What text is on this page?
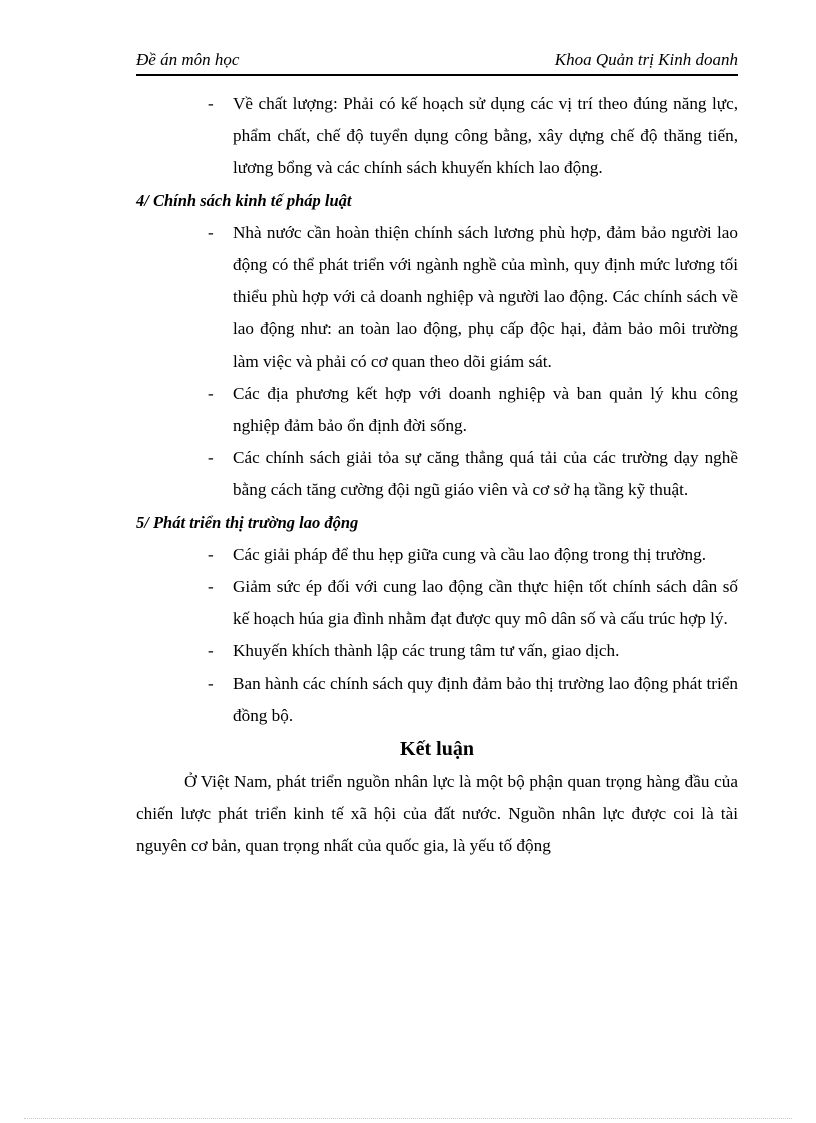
Đề án môn học	Khoa Quản trị Kinh doanh
- Về chất lượng: Phải có kế hoạch sử dụng các vị trí theo đúng năng lực, phẩm chất, chế độ tuyển dụng công bằng, xây dựng chế độ thăng tiến, lương bổng và các chính sách khuyến khích lao động.
4/ Chính sách kinh tế pháp luật
- Nhà nước cần hoàn thiện chính sách lương phù hợp, đảm bảo người lao động có thể phát triển với ngành nghề của mình, quy định mức lương tối thiểu phù hợp với cả doanh nghiệp và người lao động. Các chính sách về lao động như: an toàn lao động, phụ cấp độc hại, đảm bảo môi trường làm việc và phải có cơ quan theo dõi giám sát.
- Các địa phương kết hợp với doanh nghiệp và ban quản lý khu công nghiệp đảm bảo ổn định đời sống.
- Các chính sách giải tỏa sự căng thẳng quá tải của các trường dạy nghề bằng cách tăng cường đội ngũ giáo viên và cơ sở hạ tầng kỹ thuật.
5/ Phát triển thị trường lao động
- Các giải pháp để thu hẹp giữa cung và cầu lao động trong thị trường.
- Giảm sức ép đối với cung lao động cần thực hiện tốt chính sách dân số kế hoạch húa gia đình nhằm đạt được quy mô dân số và cấu trúc hợp lý.
- Khuyến khích thành lập các trung tâm tư vấn, giao dịch.
- Ban hành các chính sách quy định đảm bảo thị trường lao động phát triển đồng bộ.
Kết luận
Ở Việt Nam, phát triển nguồn nhân lực là một bộ phận quan trọng hàng đầu của chiến lược phát triển kinh tế xã hội của đất nước. Nguồn nhân lực được coi là tài nguyên cơ bản, quan trọng nhất của quốc gia, là yếu tố động
